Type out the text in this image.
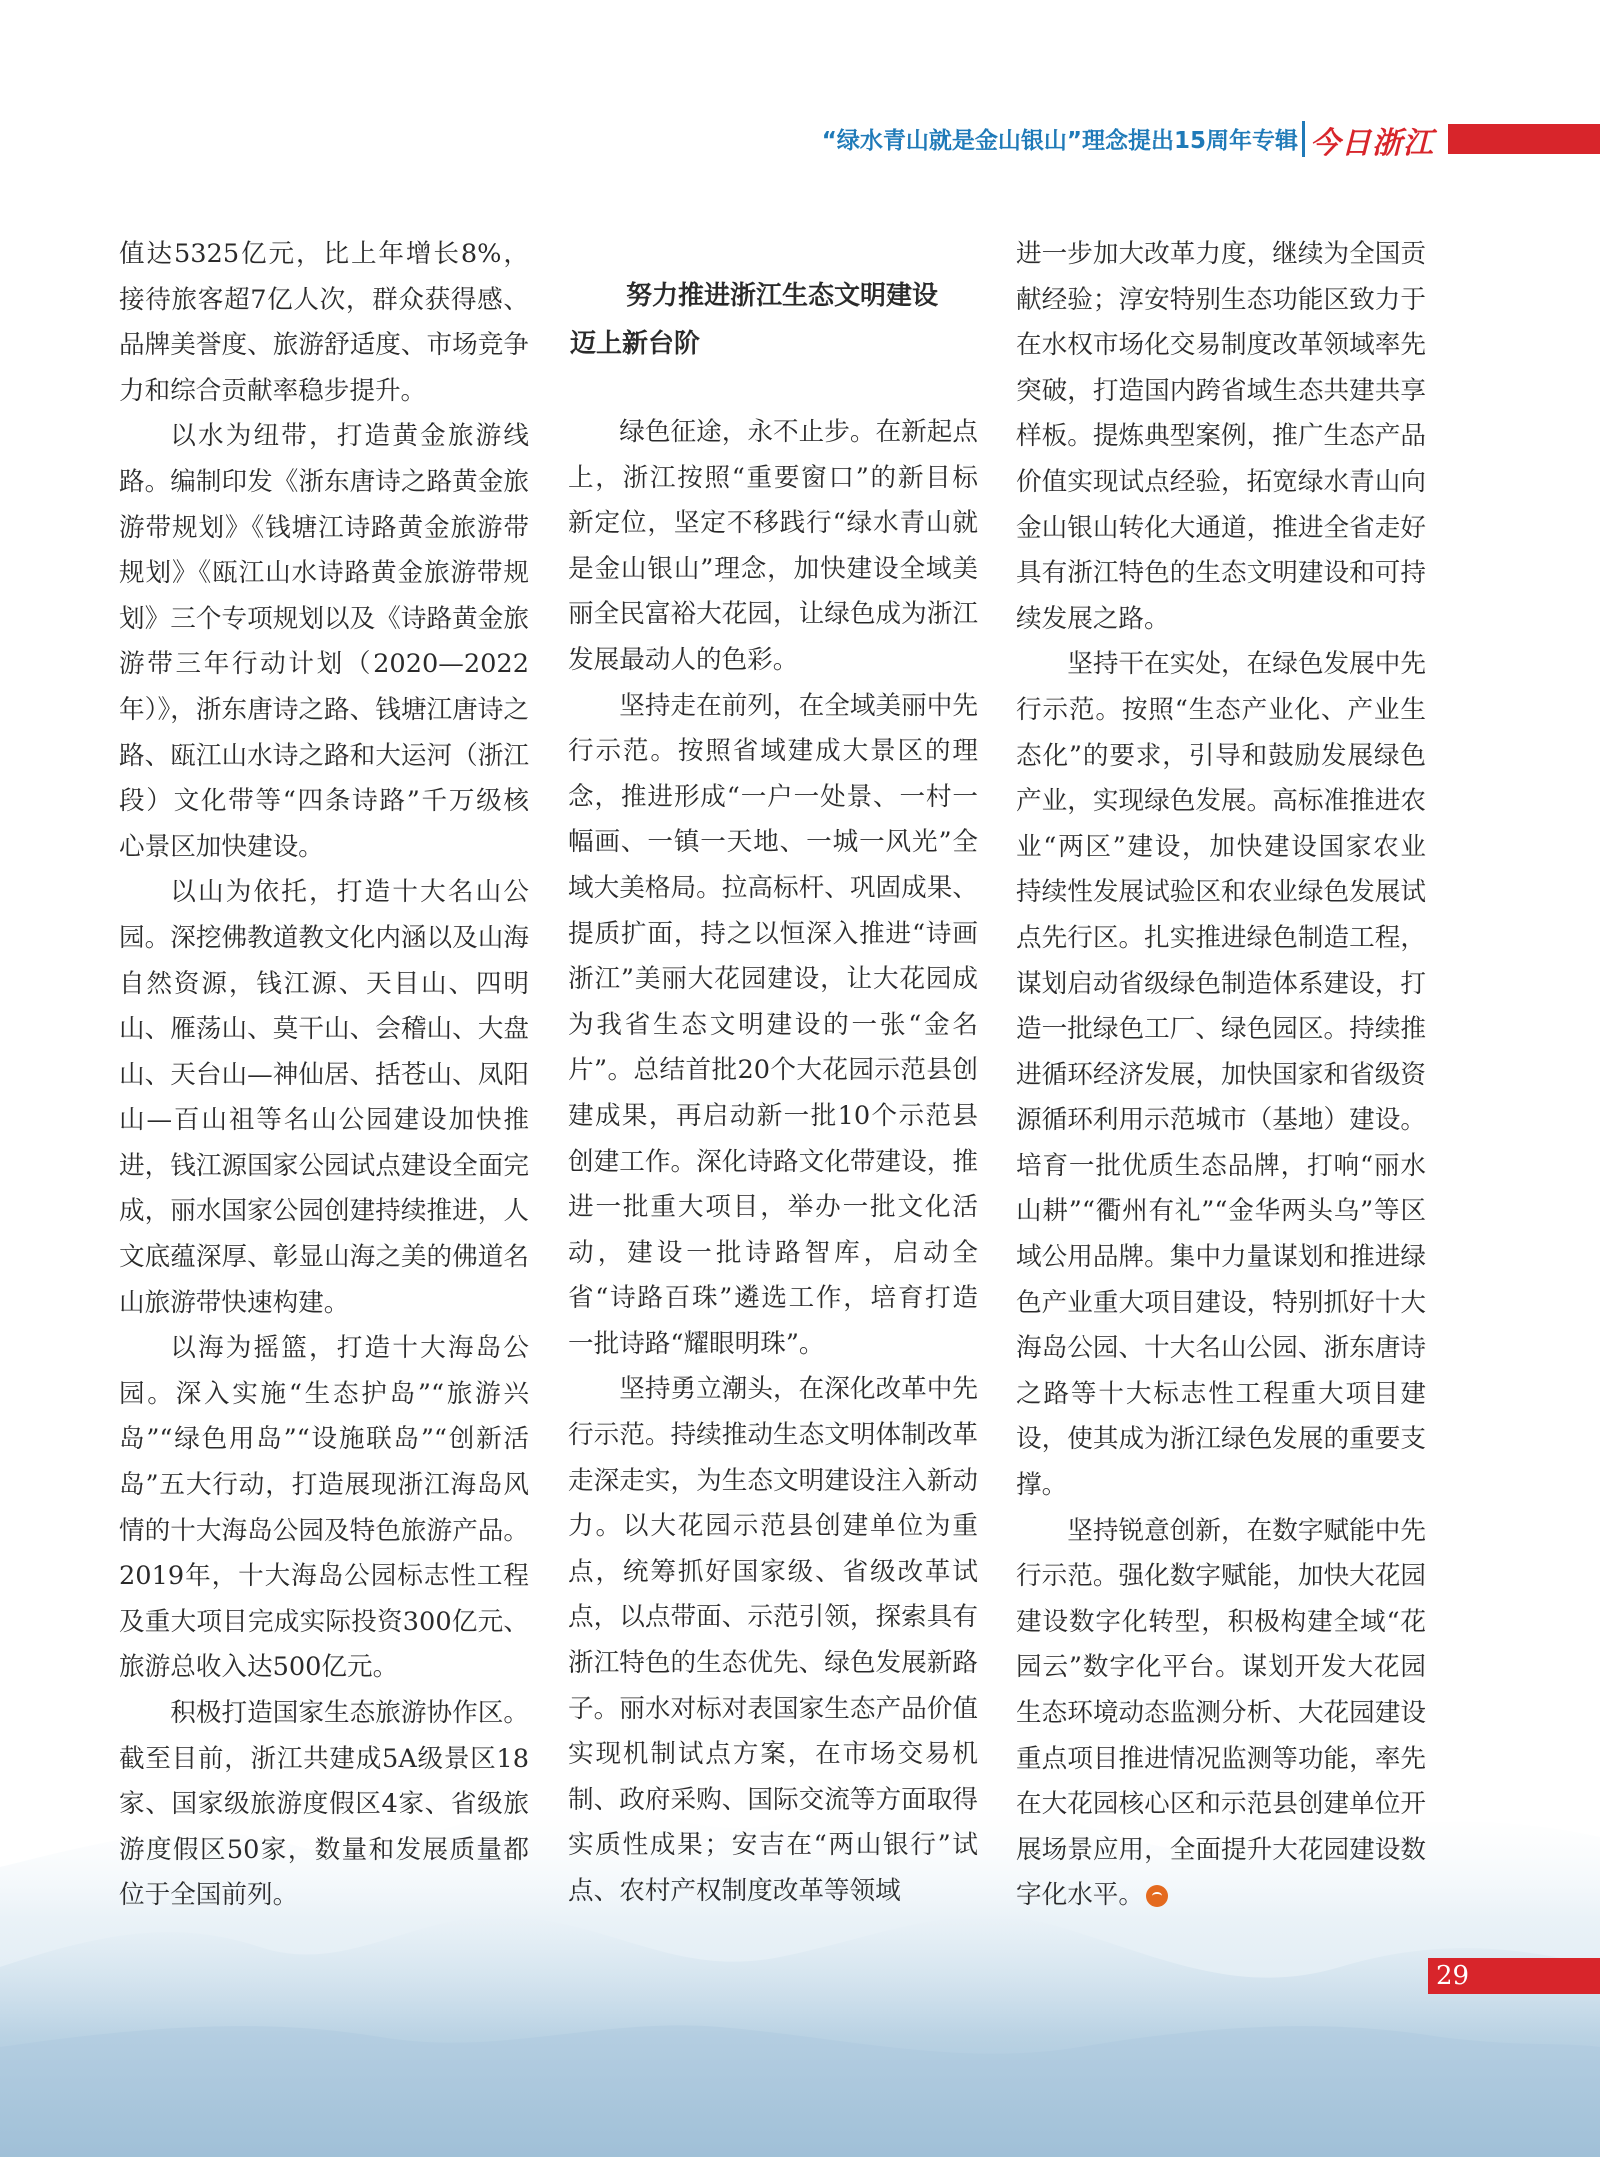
“绿水青山就是金山银山”理念提出15周年专辑 今日浙江

值达5325亿元，比上年增长8%，接待旅客超7亿人次，群众获得感、品牌美誉度、旅游舒适度、市场竞争力和综合贡献率稳步提升。

以水为纽带，打造黄金旅游线路。编制印发《浙东唐诗之路黄金旅游带规划》《钱塘江诗路黄金旅游带规划》《瓯江山水诗路黄金旅游带规划》三个专项规划以及《诗路黄金旅游带三年行动计划（2020—2022年）》，浙东唐诗之路、钱塘江唐诗之路、瓯江山水诗之路和大运河（浙江段）文化带等“四条诗路”千万级核心景区加快建设。

以山为依托，打造十大名山公园。深挖佛教道教文化内涵以及山海自然资源，钱江源、天目山、四明山、雁荡山、莫干山、会稽山、大盘山、天台山—神仙居、括苍山、凤阳山—百山祖等名山公园建设加快推进，钱江源国家公园试点建设全面完成，丽水国家公园创建持续推进，人文底蕴深厚、彰显山海之美的佛道名山旅游带快速构建。

以海为摇篮，打造十大海岛公园。深入实施“生态护岛”“旅游兴岛”“绿色用岛”“设施联岛”“创新活岛”五大行动，打造展现浙江海岛风情的十大海岛公园及特色旅游产品。2019年，十大海岛公园标志性工程及重大项目完成实际投资300亿元、旅游总收入达500亿元。

积极打造国家生态旅游协作区。截至目前，浙江共建成5A级景区18家、国家级旅游度假区4家、省级旅游度假区50家，数量和发展质量都位于全国前列。

努力推进浙江生态文明建设
迈上新台阶

绿色征途，永不止步。在新起点上，浙江按照“重要窗口”的新目标新定位，坚定不移践行“绿水青山就是金山银山”理念，加快建设全域美丽全民富裕大花园，让绿色成为浙江发展最动人的色彩。

坚持走在前列，在全域美丽中先行示范。按照省域建成大景区的理念，推进形成“一户一处景、一村一幅画、一镇一天地、一城一风光”全域大美格局。拉高标杆、巩固成果、提质扩面，持之以恒深入推进“诗画浙江”美丽大花园建设，让大花园成为我省生态文明建设的一张“金名片”。总结首批20个大花园示范县创建成果，再启动新一批10个示范县创建工作。深化诗路文化带建设，推进一批重大项目，举办一批文化活动，建设一批诗路智库，启动全省“诗路百珠”遴选工作，培育打造一批诗路“耀眼明珠”。

坚持勇立潮头，在深化改革中先行示范。持续推动生态文明体制改革走深走实，为生态文明建设注入新动力。以大花园示范县创建单位为重点，统筹抓好国家级、省级改革试点，以点带面、示范引领，探索具有浙江特色的生态优先、绿色发展新路子。丽水对标对表国家生态产品价值实现机制试点方案，在市场交易机制、政府采购、国际交流等方面取得实质性成果；安吉在“两山银行”试点、农村产权制度改革等领域

进一步加大改革力度，继续为全国贡献经验；淳安特别生态功能区致力于在水权市场化交易制度改革领域率先突破，打造国内跨省域生态共建共享样板。提炼典型案例，推广生态产品价值实现试点经验，拓宽绿水青山向金山银山转化大通道，推进全省走好具有浙江特色的生态文明建设和可持续发展之路。

坚持干在实处，在绿色发展中先行示范。按照“生态产业化、产业生态化”的要求，引导和鼓励发展绿色产业，实现绿色发展。高标准推进农业“两区”建设，加快建设国家农业持续性发展试验区和农业绿色发展试点先行区。扎实推进绿色制造工程，谋划启动省级绿色制造体系建设，打造一批绿色工厂、绿色园区。持续推进循环经济发展，加快国家和省级资源循环利用示范城市（基地）建设。培育一批优质生态品牌，打响“丽水山耕”“衢州有礼”“金华两头乌”等区域公用品牌。集中力量谋划和推进绿色产业重大项目建设，特别抓好十大海岛公园、十大名山公园、浙东唐诗之路等十大标志性工程重大项目建设，使其成为浙江绿色发展的重要支撑。

坚持锐意创新，在数字赋能中先行示范。强化数字赋能，加快大花园建设数字化转型，积极构建全域“花园云”数字化平台。谋划开发大花园生态环境动态监测分析、大花园建设重点项目推进情况监测等功能，率先在大花园核心区和示范县创建单位开展场景应用，全面提升大花园建设数字化水平。

29
